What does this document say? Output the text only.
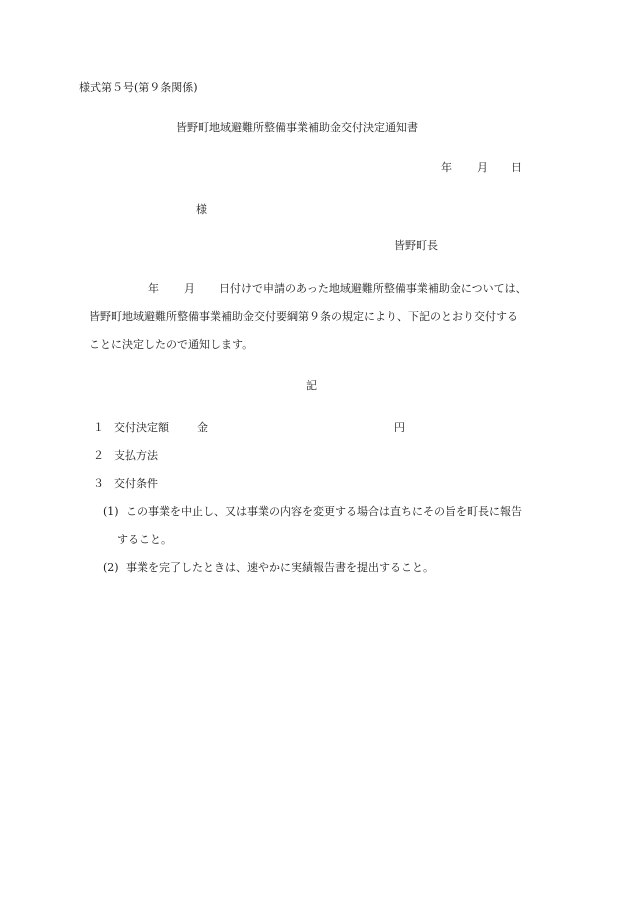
様式第５号(第９条関係)
皆野町地域避難所整備事業補助金交付決定通知書
年 月 日
様
皆野町長
年 月 日付けで申請のあった地域避難所整備事業補助金については、
皆野町地域避難所整備事業補助金交付要綱第９条の規定により、下記のとおり交付する
ことに決定したので通知します。
記
１ 交付決定額	金	円
２ 支払方法
３ 交付条件
(1) この事業を中止し、又は事業の内容を変更する場合は直ちにその旨を町長に報告
すること。
(2) 事業を完了したときは、速やかに実績報告書を提出すること。
